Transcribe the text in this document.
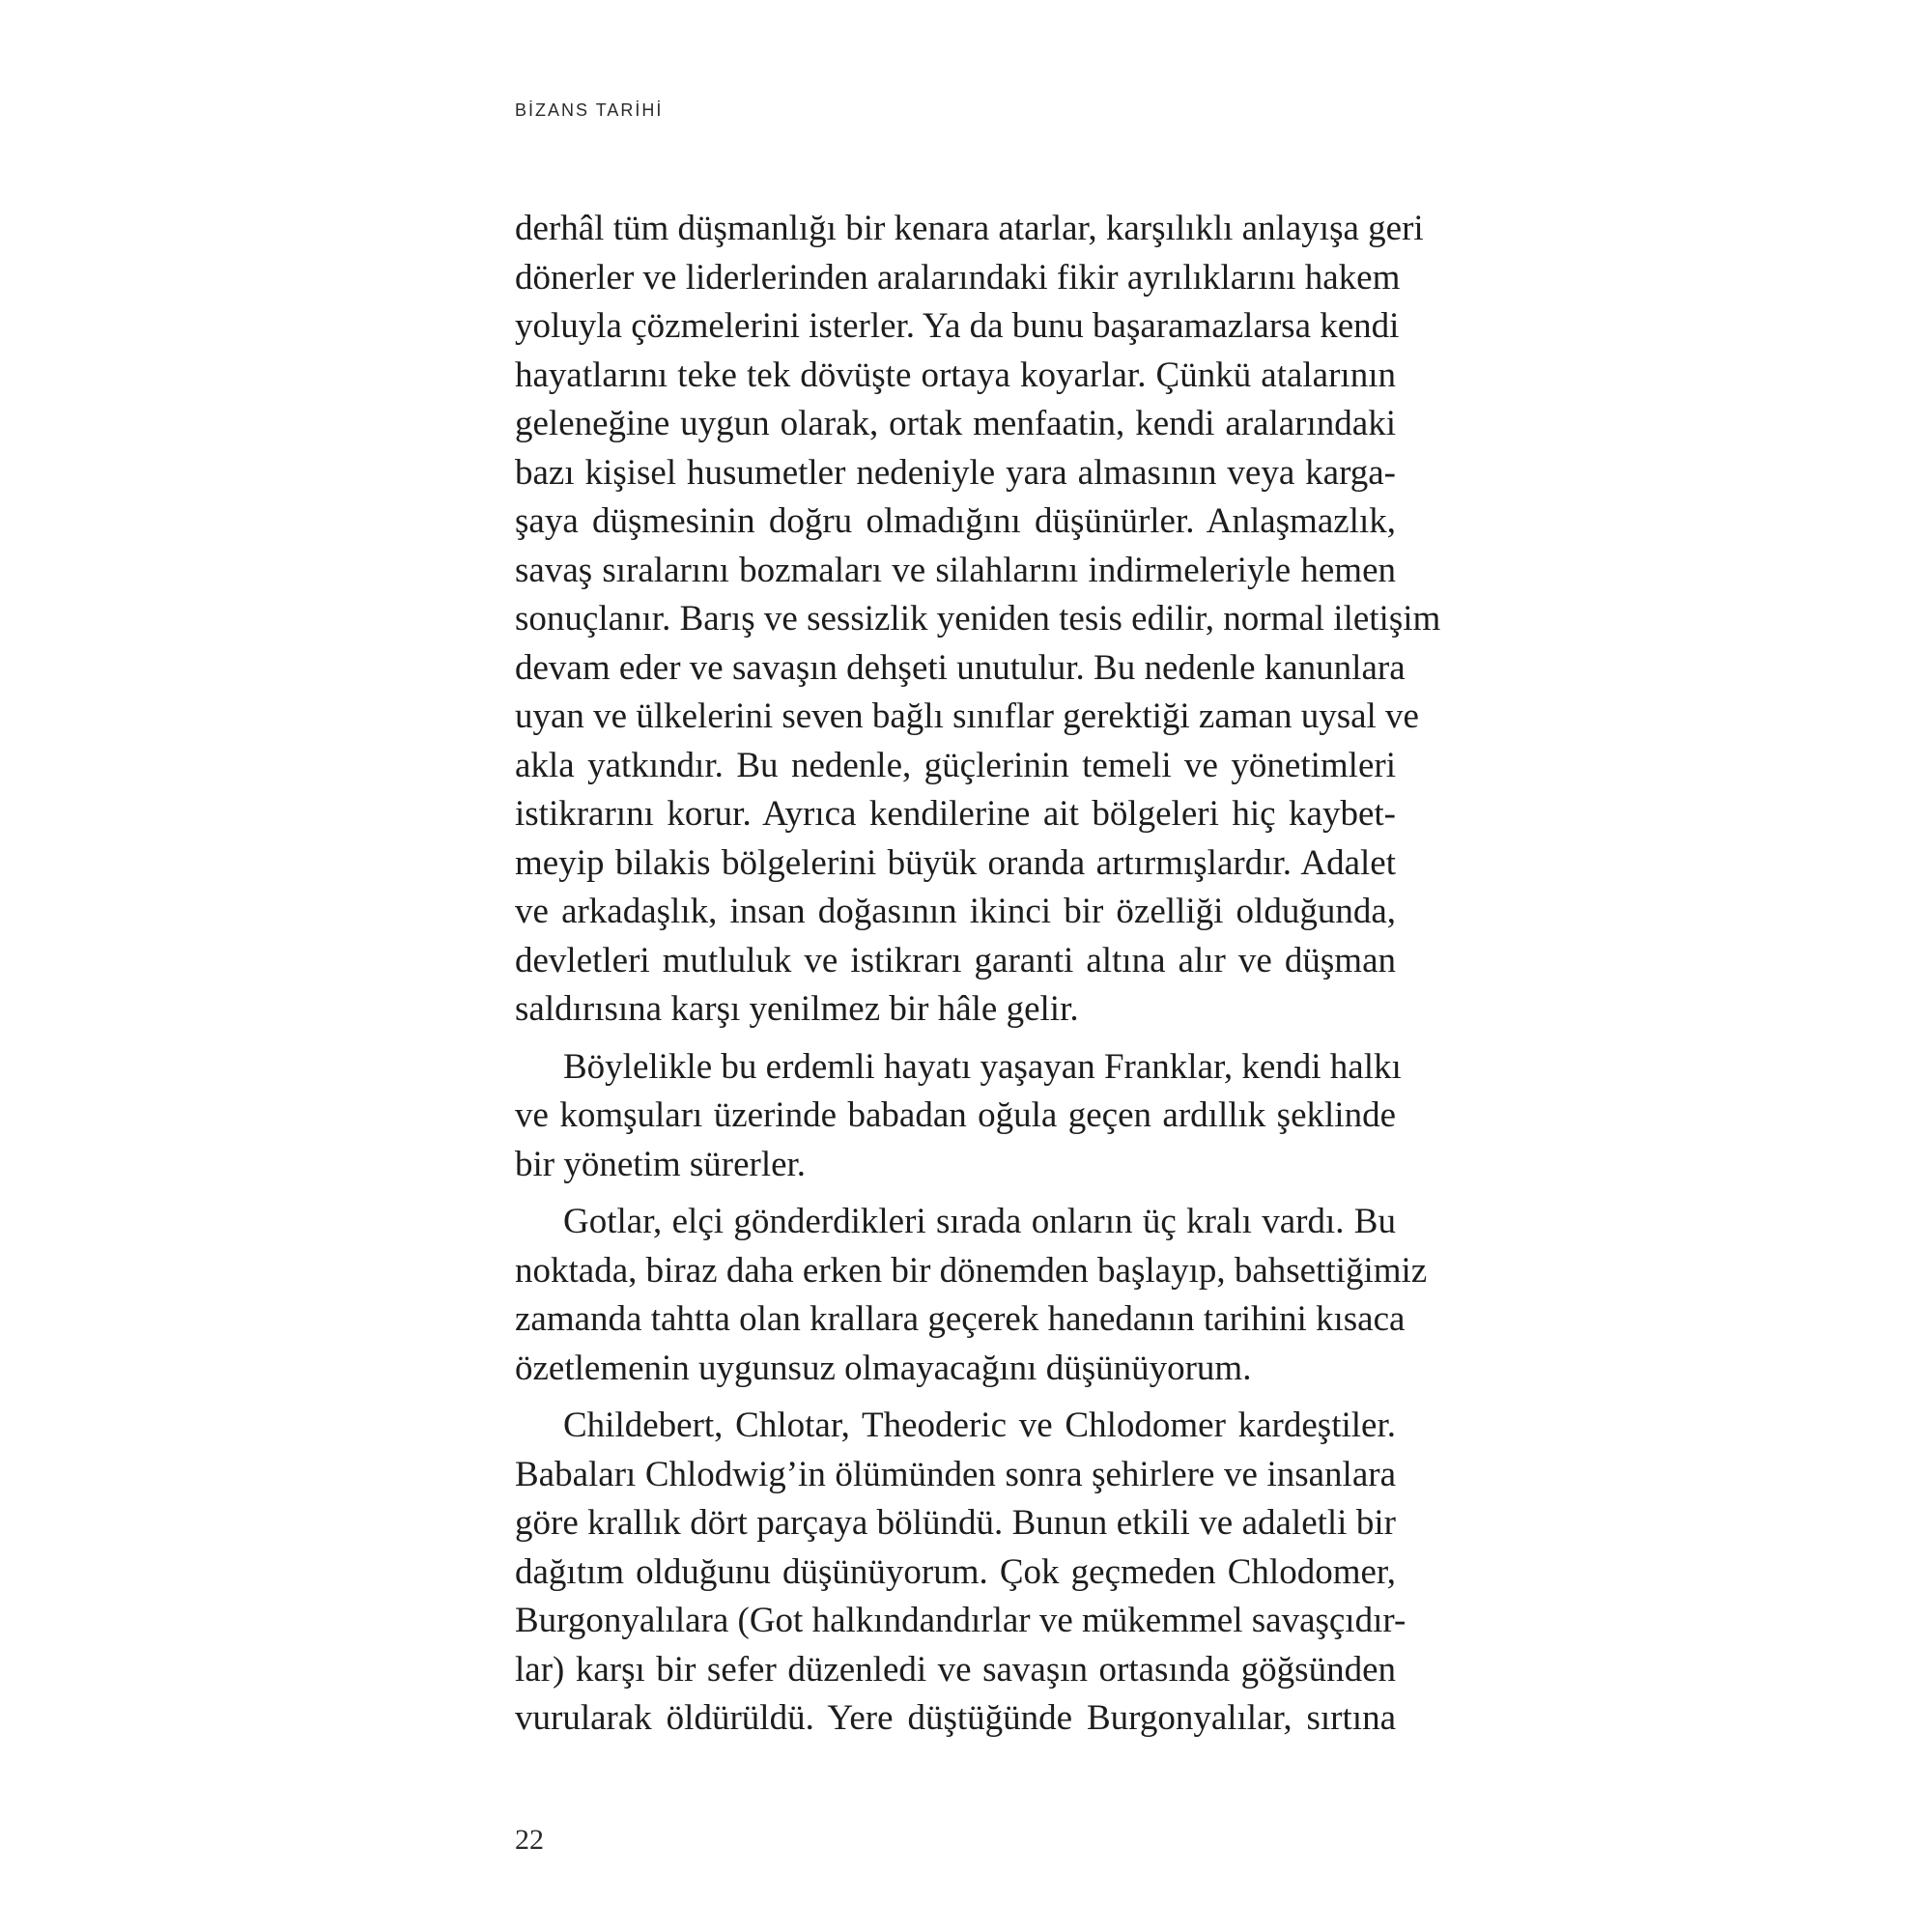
BİZANS TARİHİ
derhâl tüm düşmanlığı bir kenara atarlar, karşılıklı anlayışa geri
dönerler ve liderlerinden aralarındaki fikir ayrılıklarını hakem
yoluyla çözmelerini isterler. Ya da bunu başaramazlarsa kendi
hayatlarını teke tek dövüşte ortaya koyarlar. Çünkü atalarının
geleneğine uygun olarak, ortak menfaatin, kendi aralarındaki
bazı kişisel husumetler nedeniyle yara almasının veya karga-
şaya düşmesinin doğru olmadığını düşünürler. Anlaşmazlık,
savaş sıralarını bozmaları ve silahlarını indirmeleriyle hemen
sonuçlanır. Barış ve sessizlik yeniden tesis edilir, normal iletişim
devam eder ve savaşın dehşeti unutulur. Bu nedenle kanunlara
uyan ve ülkelerini seven bağlı sınıflar gerektiği zaman uysal ve
akla yatkındır. Bu nedenle, güçlerinin temeli ve yönetimleri
istikrarını korur. Ayrıca kendilerine ait bölgeleri hiç kaybet-
meyip bilakis bölgelerini büyük oranda artırmışlardır. Adalet
ve arkadaşlık, insan doğasının ikinci bir özelliği olduğunda,
devletleri mutluluk ve istikrarı garanti altına alır ve düşman
saldırısına karşı yenilmez bir hâle gelir.
Böylelikle bu erdemli hayatı yaşayan Franklar, kendi halkı
ve komşuları üzerinde babadan oğula geçen ardıllık şeklinde
bir yönetim sürerler.
Gotlar, elçi gönderdikleri sırada onların üç kralı vardı. Bu
noktada, biraz daha erken bir dönemden başlayıp, bahsettiğimiz
zamanda tahtta olan krallara geçerek hanedanın tarihini kısaca
özetlemenin uygunsuz olmayacağını düşünüyorum.
Childebert, Chlotar, Theoderic ve Chlodomer kardeştiler.
Babaları Chlodwig’in ölümünden sonra şehirlere ve insanlara
göre krallık dört parçaya bölündü. Bunun etkili ve adaletli bir
dağıtım olduğunu düşünüyorum. Çok geçmeden Chlodomer,
Burgonyalılara (Got halkındandırlar ve mükemmel savaşçıdır-
lar) karşı bir sefer düzenledi ve savaşın ortasında göğsünden
vurularak öldürüldü. Yere düştüğünde Burgonyalılar, sırtına
22
